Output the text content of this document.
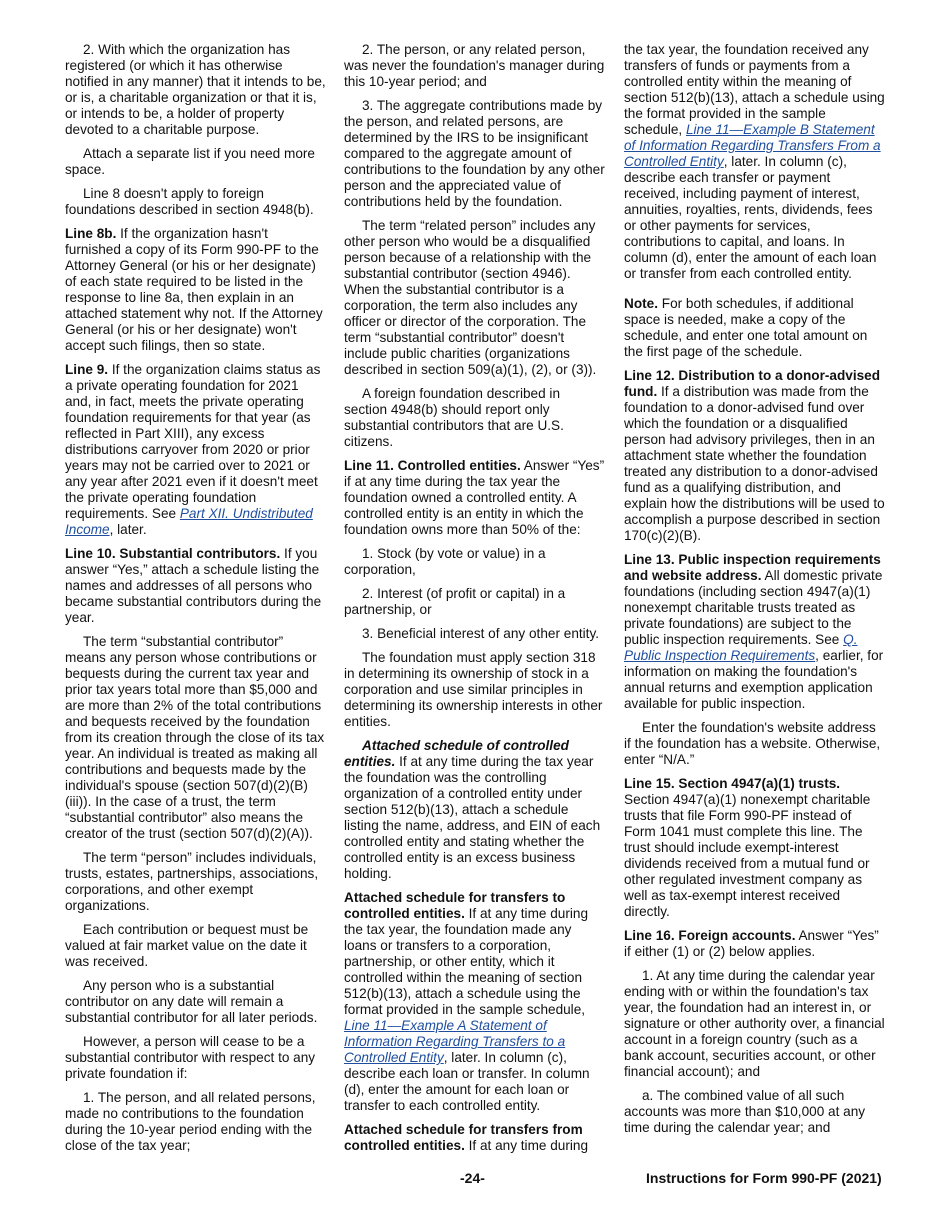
2. With which the organization has registered (or which it has otherwise notified in any manner) that it intends to be, or is, a charitable organization or that it is, or intends to be, a holder of property devoted to a charitable purpose.

Attach a separate list if you need more space.

Line 8 doesn't apply to foreign foundations described in section 4948(b).

Line 8b. If the organization hasn't furnished a copy of its Form 990-PF to the Attorney General (or his or her designate) of each state required to be listed in the response to line 8a, then explain in an attached statement why not. If the Attorney General (or his or her designate) won't accept such filings, then so state.

Line 9. If the organization claims status as a private operating foundation for 2021 and, in fact, meets the private operating foundation requirements for that year (as reflected in Part XIII), any excess distributions carryover from 2020 or prior years may not be carried over to 2021 or any year after 2021 even if it doesn't meet the private operating foundation requirements. See Part XII. Undistributed Income, later.

Line 10. Substantial contributors. If you answer “Yes,” attach a schedule listing the names and addresses of all persons who became substantial contributors during the year.

The term “substantial contributor” means any person whose contributions or bequests during the current tax year and prior tax years total more than $5,000 and are more than 2% of the total contributions and bequests received by the foundation from its creation through the close of its tax year. An individual is treated as making all contributions and bequests made by the individual's spouse (section 507(d)(2)(B)(iii)). In the case of a trust, the term “substantial contributor” also means the creator of the trust (section 507(d)(2)(A)).

The term “person” includes individuals, trusts, estates, partnerships, associations, corporations, and other exempt organizations.

Each contribution or bequest must be valued at fair market value on the date it was received.

Any person who is a substantial contributor on any date will remain a substantial contributor for all later periods.

However, a person will cease to be a substantial contributor with respect to any private foundation if:

1. The person, and all related persons, made no contributions to the foundation during the 10-year period ending with the close of the tax year;

2. The person, or any related person, was never the foundation's manager during this 10-year period; and

3. The aggregate contributions made by the person, and related persons, are determined by the IRS to be insignificant compared to the aggregate amount of contributions to the foundation by any other person and the appreciated value of contributions held by the foundation.

The term “related person” includes any other person who would be a disqualified person because of a relationship with the substantial contributor (section 4946). When the substantial contributor is a corporation, the term also includes any officer or director of the corporation. The term “substantial contributor” doesn't include public charities (organizations described in section 509(a)(1), (2), or (3)).

A foreign foundation described in section 4948(b) should report only substantial contributors that are U.S. citizens.

Line 11. Controlled entities. Answer “Yes” if at any time during the tax year the foundation owned a controlled entity. A controlled entity is an entity in which the foundation owns more than 50% of the:

1. Stock (by vote or value) in a corporation,

2. Interest (of profit or capital) in a partnership, or

3. Beneficial interest of any other entity.

The foundation must apply section 318 in determining its ownership of stock in a corporation and use similar principles in determining its ownership interests in other entities.

Attached schedule of controlled entities. If at any time during the tax year the foundation was the controlling organization of a controlled entity under section 512(b)(13), attach a schedule listing the name, address, and EIN of each controlled entity and stating whether the controlled entity is an excess business holding.

Attached schedule for transfers to controlled entities. If at any time during the tax year, the foundation made any loans or transfers to a corporation, partnership, or other entity, which it controlled within the meaning of section 512(b)(13), attach a schedule using the format provided in the sample schedule, Line 11—Example A Statement of Information Regarding Transfers to a Controlled Entity, later. In column (c), describe each loan or transfer. In column (d), enter the amount for each loan or transfer to each controlled entity.

Attached schedule for transfers from controlled entities. If at any time during

the tax year, the foundation received any transfers of funds or payments from a controlled entity within the meaning of section 512(b)(13), attach a schedule using the format provided in the sample schedule, Line 11—Example B Statement of Information Regarding Transfers From a Controlled Entity, later. In column (c), describe each transfer or payment received, including payment of interest, annuities, royalties, rents, dividends, fees or other payments for services, contributions to capital, and loans. In column (d), enter the amount of each loan or transfer from each controlled entity.

Note. For both schedules, if additional space is needed, make a copy of the schedule, and enter one total amount on the first page of the schedule.

Line 12. Distribution to a donor-advised fund. If a distribution was made from the foundation to a donor-advised fund over which the foundation or a disqualified person had advisory privileges, then in an attachment state whether the foundation treated any distribution to a donor-advised fund as a qualifying distribution, and explain how the distributions will be used to accomplish a purpose described in section 170(c)(2)(B).

Line 13. Public inspection requirements and website address. All domestic private foundations (including section 4947(a)(1) nonexempt charitable trusts treated as private foundations) are subject to the public inspection requirements. See Q. Public Inspection Requirements, earlier, for information on making the foundation's annual returns and exemption application available for public inspection.

Enter the foundation's website address if the foundation has a website. Otherwise, enter “N/A.”

Line 15. Section 4947(a)(1) trusts. Section 4947(a)(1) nonexempt charitable trusts that file Form 990-PF instead of Form 1041 must complete this line. The trust should include exempt-interest dividends received from a mutual fund or other regulated investment company as well as tax-exempt interest received directly.

Line 16. Foreign accounts. Answer “Yes” if either (1) or (2) below applies.

1. At any time during the calendar year ending with or within the foundation's tax year, the foundation had an interest in, or signature or other authority over, a financial account in a foreign country (such as a bank account, securities account, or other financial account); and

a. The combined value of all such accounts was more than $10,000 at any time during the calendar year; and

-24-	Instructions for Form 990-PF (2021)
